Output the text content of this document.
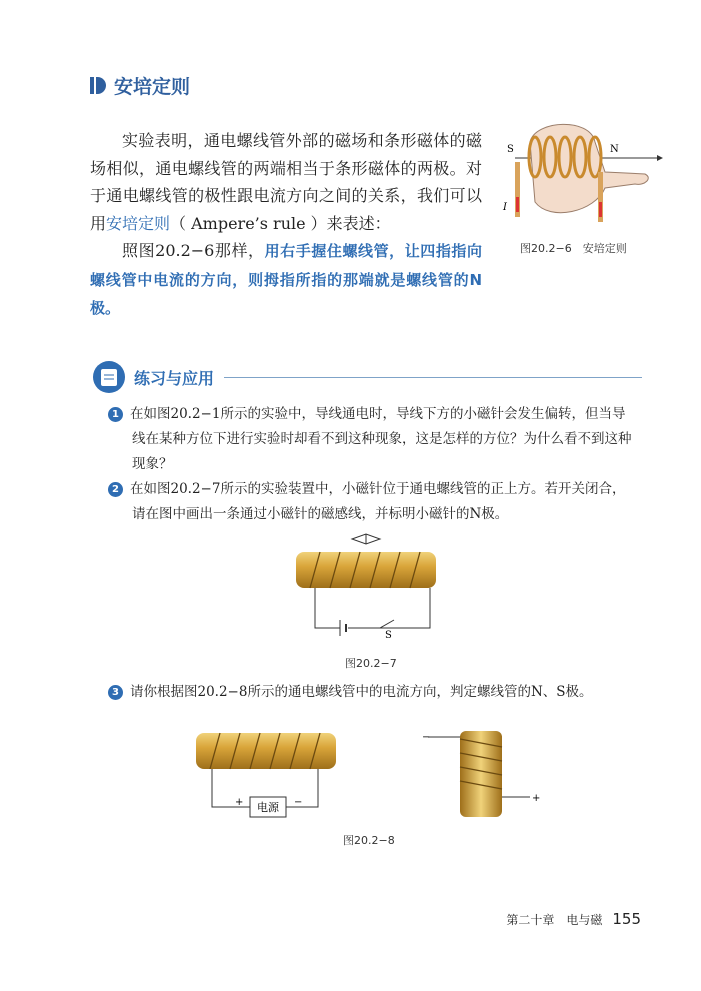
安培定则
实验表明，通电螺线管外部的磁场和条形磁体的磁场相似，通电螺线管的两端相当于条形磁体的两极。对于通电螺线管的极性跟电流方向之间的关系，我们可以用安培定则（ Ampere’s rule ）来表述：
照图20.2−6那样，用右手握住螺线管，让四指指向螺线管中电流的方向，则拇指所指的那端就是螺线管的N极。
S	N
I
图20.2−6　安培定则
练习与应用
1 在如图20.2−1所示的实验中，导线通电时，导线下方的小磁针会发生偏转，但当导线在某种方位下进行实验时却看不到这种现象，这是怎样的方位？为什么看不到这种现象？
2 在如图20.2−7所示的实验装置中，小磁针位于通电螺线管的正上方。若开关闭合，请在图中画出一条通过小磁针的磁感线，并标明小磁针的N极。
S
图20.2−7
3 请你根据图20.2−8所示的通电螺线管中的电流方向，判定螺线管的N、S极。
电源
+	−
−
+
图20.2−8
第二十章　电与磁 155
